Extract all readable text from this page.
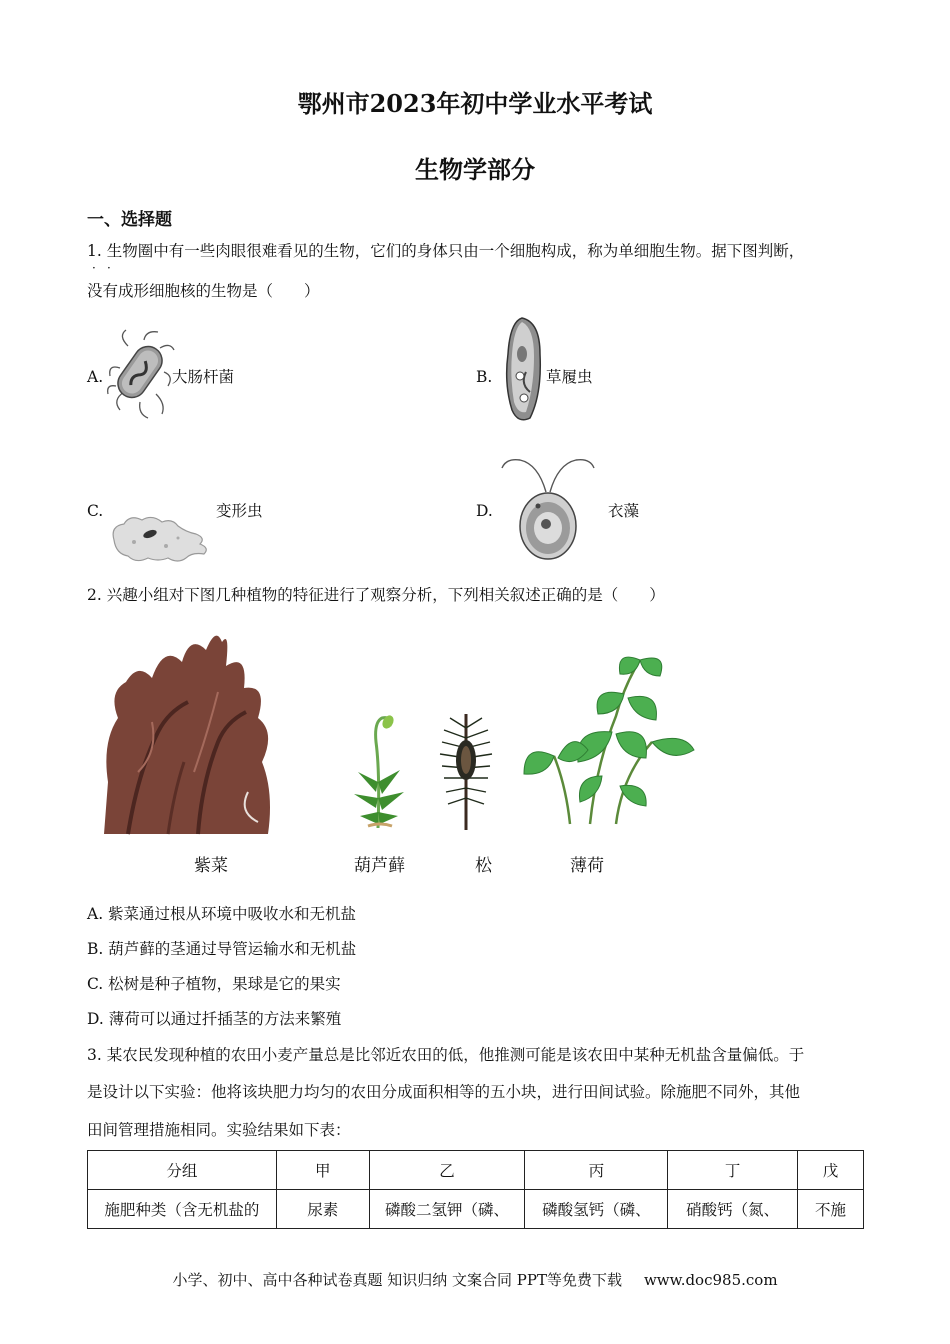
鄂州市2023年初中学业水平考试
生物学部分
一、选择题
1. 生物圈中有一些肉眼很难看见的生物，它们的身体只由一个细胞构成，称为单细胞生物。据下图判断，
· ·
没有成形细胞核的生物是（　　）
A.	大肠杆菌	B.	草履虫
C.	变形虫	D.	衣藻
2. 兴趣小组对下图几种植物的特征进行了观察分析，下列相关叙述正确的是（　　）
紫菜	葫芦藓	松	薄荷
A. 紫菜通过根从环境中吸收水和无机盐
B. 葫芦藓的茎通过导管运输水和无机盐
C. 松树是种子植物，果球是它的果实
D. 薄荷可以通过扦插茎的方法来繁殖
3. 某农民发现种植的农田小麦产量总是比邻近农田的低，他推测可能是该农田中某种无机盐含量偏低。于
是设计以下实验：他将该块肥力均匀的农田分成面积相等的五小块，进行田间试验。除施肥不同外，其他
田间管理措施相同。实验结果如下表：
分组	甲	乙	丙	丁	戊
施肥种类（含无机盐的	尿素	磷酸二氢钾（磷、	磷酸氢钙（磷、	硝酸钙（氮、	不施
小学、初中、高中各种试卷真题 知识归纳 文案合同 PPT等免费下载 www.doc985.com
